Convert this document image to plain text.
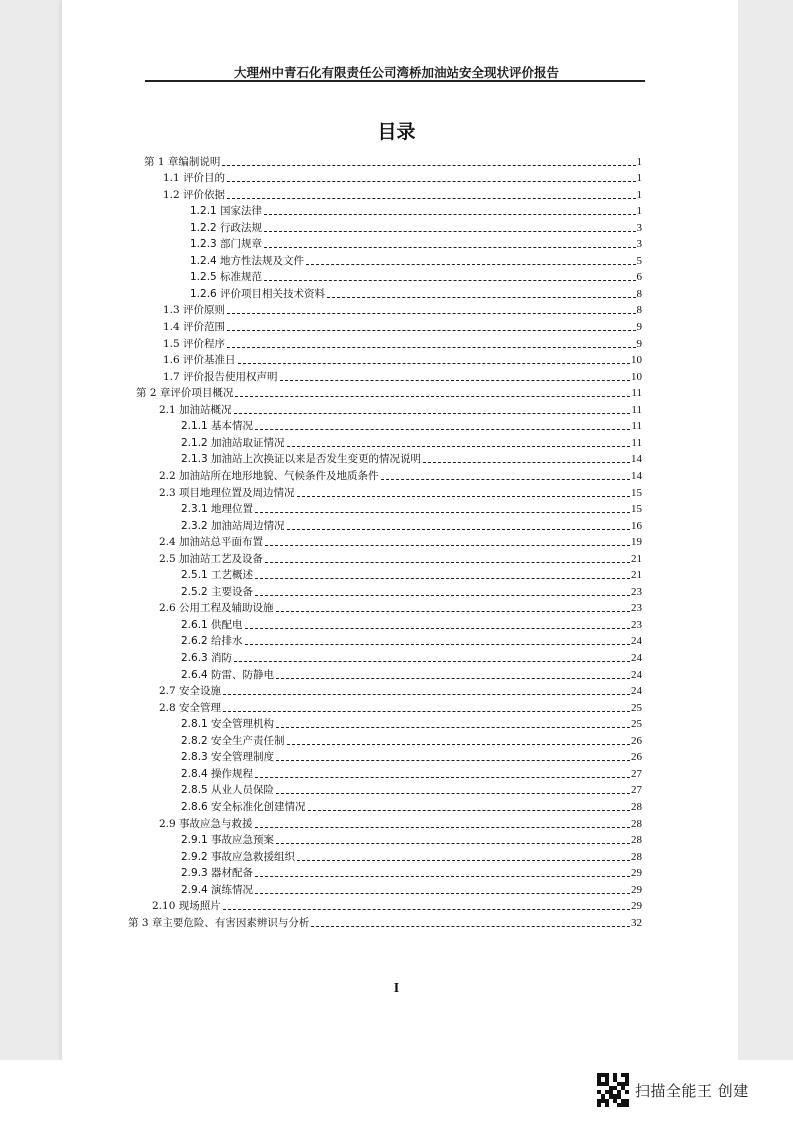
大理州中青石化有限责任公司湾桥加油站安全现状评价报告
目录
第 1 章编制说明	1
1.1 评价目的	1
1.2 评价依据	1
1.2.1 国家法律	1
1.2.2 行政法规	3
1.2.3 部门规章	3
1.2.4 地方性法规及文件	5
1.2.5 标准规范	6
1.2.6 评价项目相关技术资料	8
1.3 评价原则	8
1.4 评价范围	9
1.5 评价程序	9
1.6 评价基准日	10
1.7 评价报告使用权声明	10
第 2 章评价项目概况	11
2.1 加油站概况	11
2.1.1 基本情况	11
2.1.2 加油站取证情况	11
2.1.3 加油站上次换证以来是否发生变更的情况说明	14
2.2 加油站所在地形地貌、气候条件及地质条件	14
2.3 项目地理位置及周边情况	15
2.3.1 地理位置	15
2.3.2 加油站周边情况	16
2.4 加油站总平面布置	19
2.5 加油站工艺及设备	21
2.5.1 工艺概述	21
2.5.2 主要设备	23
2.6 公用工程及辅助设施	23
2.6.1 供配电	23
2.6.2 给排水	24
2.6.3 消防	24
2.6.4 防雷、防静电	24
2.7 安全设施	24
2.8 安全管理	25
2.8.1 安全管理机构	25
2.8.2 安全生产责任制	26
2.8.3 安全管理制度	26
2.8.4 操作规程	27
2.8.5 从业人员保险	27
2.8.6 安全标准化创建情况	28
2.9 事故应急与救援	28
2.9.1 事故应急预案	28
2.9.2 事故应急救援组织	28
2.9.3 器材配备	29
2.9.4 演练情况	29
2.10 现场照片	29
第 3 章主要危险、有害因素辨识与分析	32
I
扫描全能王 创建
